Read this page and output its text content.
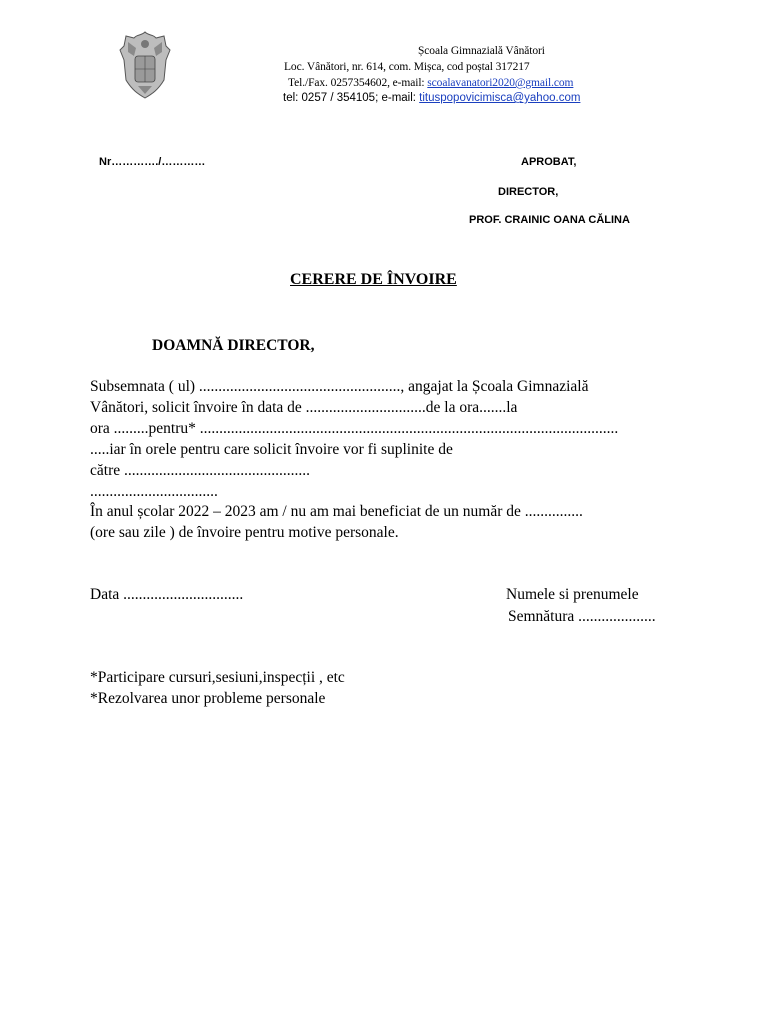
Școala Gimnazială Vânători
Loc. Vânători, nr. 614, com. Mișca, cod poștal 317217
Tel./Fax. 0257354602, e-mail: scoalavanatori2020@gmail.com
tel: 0257 / 354105; e-mail: tituspopovicimisca@yahoo.com
Nr…………./…………	APROBAT,
DIRECTOR,
PROF. CRAINIC OANA CĂLINA
CERERE DE ÎNVOIRE
DOAMNĂ DIRECTOR,
Subsemnata ( ul) ...................................................., angajat la Școala Gimnazială
Vânători, solicit învoire în data de ...............................de la ora.......la
ora .........pentru* ............................................................................................................
.....iar în orele pentru care solicit învoire vor fi suplinite de
către ................................................
.................................
În anul școlar 2022 – 2023 am / nu am mai beneficiat de un număr de ...............
(ore sau zile ) de învoire pentru motive personale.
Data ...............................	Numele si prenumele
Semnătura ....................
*Participare cursuri,sesiuni,inspecții , etc
*Rezolvarea unor probleme personale
